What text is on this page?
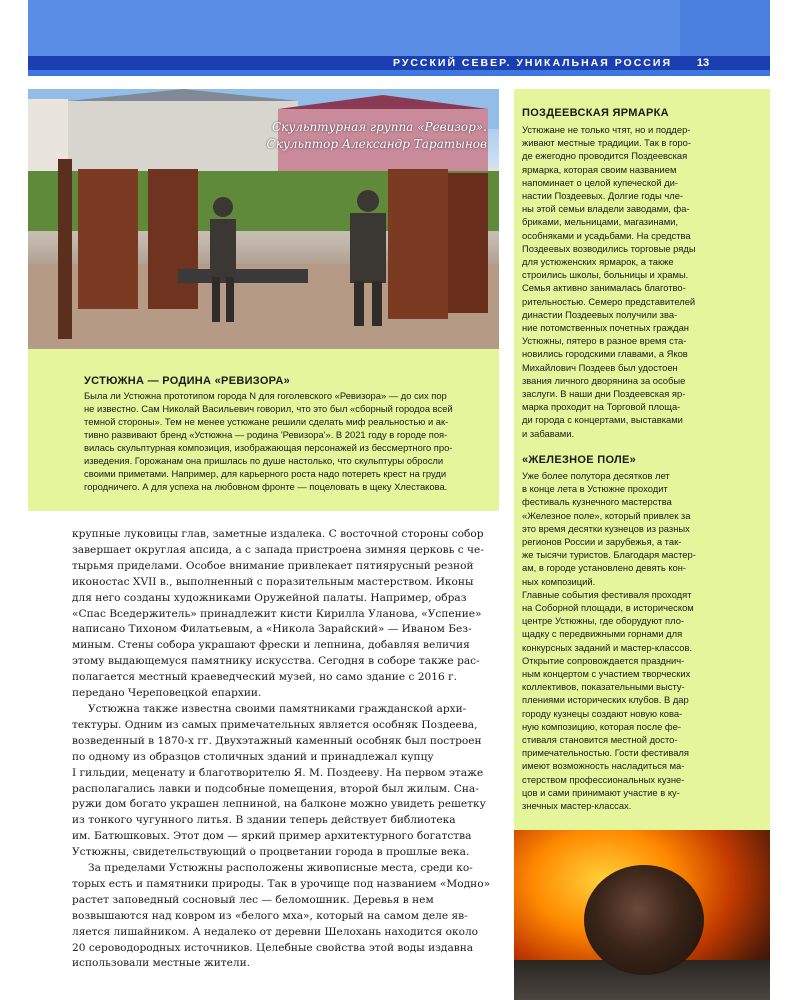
РУССКИЙ СЕВЕР. УНИКАЛЬНАЯ РОССИЯ	13
Скульптурная группа «Ревизор».
Скульптор Александр Таратынов
УСТЮЖНА — РОДИНА «РЕВИЗОРА»

Была ли Устюжна прототипом города N для гоголевского «Ревизора» — до сих пор

не известно. Сам Николай Васильевич говорил, что это был «сборный городоа всей

темной стороны». Тем не менее устюжане решили сделать миф реальностью и ак-

тивно развивают бренд «Устюжна — родина 'Ревизора'». В 2021 году в городе поя-

вилась скульптурная композиция, изображающая персонажей из бессмертного про-

изведения. Горожанам она пришлась по душе настолько, что скульптуры обросли

своими приметами. Например, для карьерного роста надо потереть крест на груди

городничего. А для успеха на любовном фронте — поцеловать в щеку Хлестакова.

ПОЗДЕЕВСКАЯ ЯРМАРКА

Устюжане не только чтят, но и поддер-

живают местные традиции. Так в горо-

де ежегодно проводится Поздеевская

ярмарка, которая своим названием

напоминает о целой купеческой ди-

настии Поздеевых. Долгие годы чле-

ны этой семьи владели заводами, фа-

бриками, мельницами, магазинами,

особняками и усадьбами. На средства

Поздеевых возводились торговые ряды

для устюженских ярмарок, а также

строились школы, больницы и храмы.

Семья активно занималась благотво-

рительностью. Семеро представителей

династии Поздеевых получили зва-

ние потомственных почетных граждан

Устюжны, пятеро в разное время ста-

новились городскими главами, а Яков

Михайлович Поздеев был удостоен

звания личного дворянина за особые

заслуги. В наши дни Поздеевская яр-

марка проходит на Торговой площа-

ди города с концертами, выставками

и забавами.

«ЖЕЛЕЗНОЕ ПОЛЕ»

Уже более полутора десятков лет

в конце лета в Устюжне проходит

фестиваль кузнечного мастерства

«Железное поле», который привлек за

это время десятки кузнецов из разных

регионов России и зарубежья, а так-

же тысячи туристов. Благодаря мастер-

ам, в городе установлено девять кон-

ных композиций.

Главные события фестиваля проходят

на Соборной площади, в историческом

центре Устюжны, где оборудуют пло-

щадку с передвижными горнами для

конкурсных заданий и мастер-классов.

Открытие сопровождается празднич-

ным концертом с участием творческих

коллективов, показательными высту-

плениями исторических клубов. В дар

городу кузнецы создают новую кова-

ную композицию, которая после фе-

стиваля становится местной досто-

примечательностью. Гости фестиваля

имеют возможность насладиться ма-

стерством профессиональных кузне-

цов и сами принимают участие в ку-

знечных мастер-классах.

крупные луковицы глав, заметные издалека. С восточной стороны собор

завершает округлая апсида, а с запада пристроена зимняя церковь с че-

тырьмя приделами. Особое внимание привлекает пятиярусный резной

иконостас XVII в., выполненный с поразительным мастерством. Иконы

для него созданы художниками Оружейной палаты. Например, образ

«Спас Вседержитель» принадлежит кисти Кирилла Уланова, «Успение»

написано Тихоном Филатьевым, а «Никола Зарайский» — Иваном Без-

миным. Стены собора украшают фрески и лепнина, добавляя величия

этому выдающемуся памятнику искусства. Сегодня в соборе также рас-

полагается местный краеведческий музей, но само здание с 2016 г.

передано Череповецкой епархии.

Устюжна также известна своими памятниками гражданской архи-

тектуры. Одним из самых примечательных является особняк Поздеева,

возведенный в 1870-х гг. Двухэтажный каменный особняк был построен

по одному из образцов столичных зданий и принадлежал купцу

I гильдии, меценату и благотворителю Я. М. Поздееву. На первом этаже

располагались лавки и подсобные помещения, второй был жилым. Сна-

ружи дом богато украшен лепниной, на балконе можно увидеть решетку

из тонкого чугунного литья. В здании теперь действует библиотека

им. Батюшковых. Этот дом — яркий пример архитектурного богатства

Устюжны, свидетельствующий о процветании города в прошлые века.

За пределами Устюжны расположены живописные места, среди ко-

торых есть и памятники природы. Так в урочище под названием «Модно»

растет заповедный сосновый лес — беломошник. Деревья в нем

возвышаются над ковром из «белого мха», который на самом деле яв-

ляется лишайником. А недалеко от деревни Шелохань находится около

20 сероводородных источников. Целебные свойства этой воды издавна

использовали местные жители.
